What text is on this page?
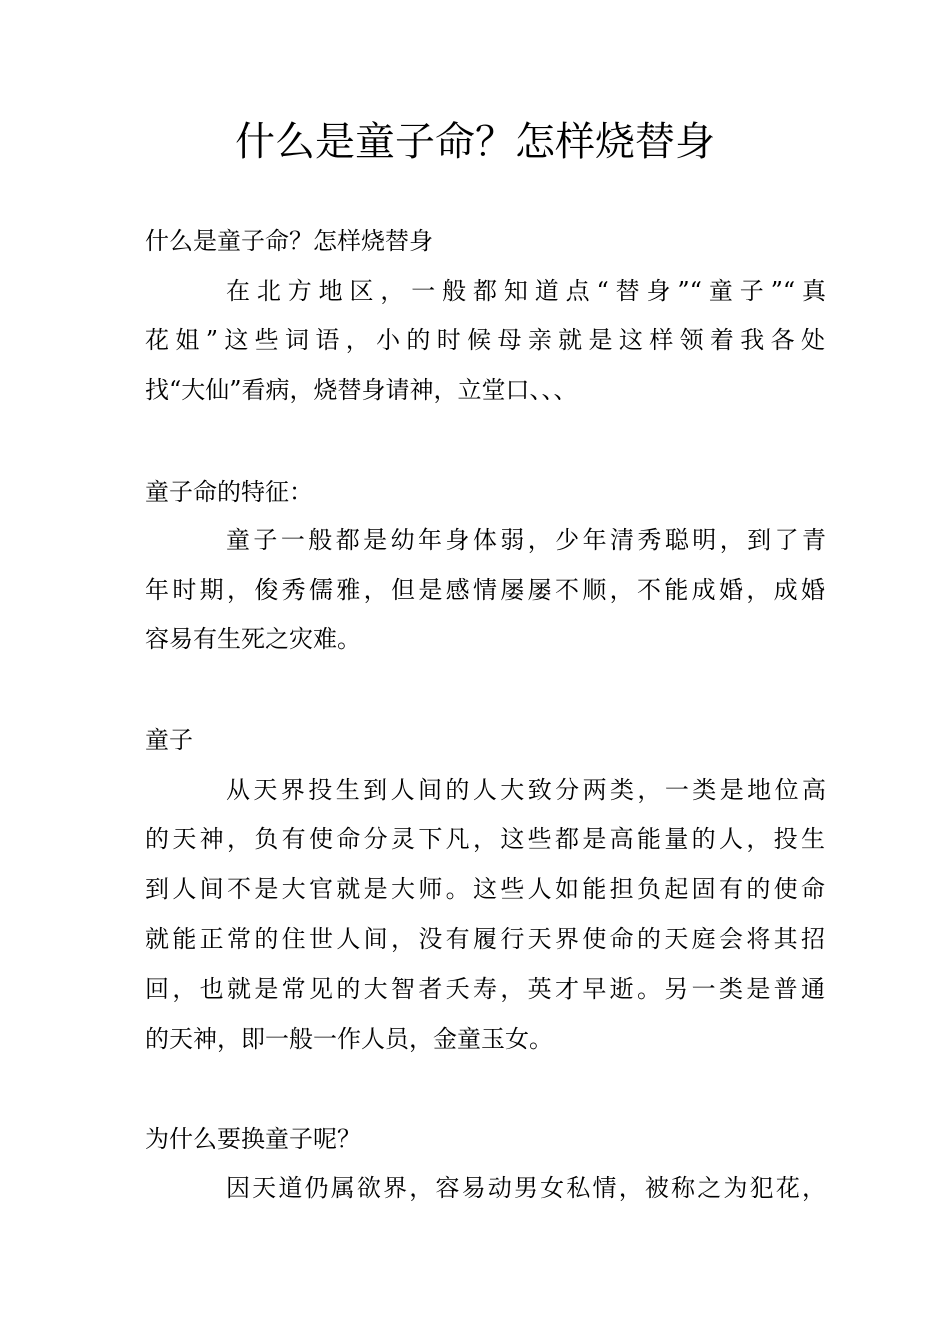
什么是童子命？怎样烧替身

什么是童子命？怎样烧替身

在北方地区，一般都知道点“替身”“童子”“真

花姐”这些词语，小的时候母亲就是这样领着我各处

找“大仙”看病，烧替身请神，立堂口、、、

童子命的特征：

童子一般都是幼年身体弱，少年清秀聪明，到了青

年时期，俊秀儒雅，但是感情屡屡不顺，不能成婚，成婚

容易有生死之灾难。

童子

从天界投生到人间的人大致分两类，一类是地位高

的天神，负有使命分灵下凡，这些都是高能量的人，投生

到人间不是大官就是大师。这些人如能担负起固有的使命

就能正常的住世人间，没有履行天界使命的天庭会将其招

回，也就是常见的大智者夭寿，英才早逝。另一类是普通

的天神，即一般一作人员，金童玉女。

为什么要换童子呢？

因天道仍属欲界，容易动男女私情，被称之为犯花，
